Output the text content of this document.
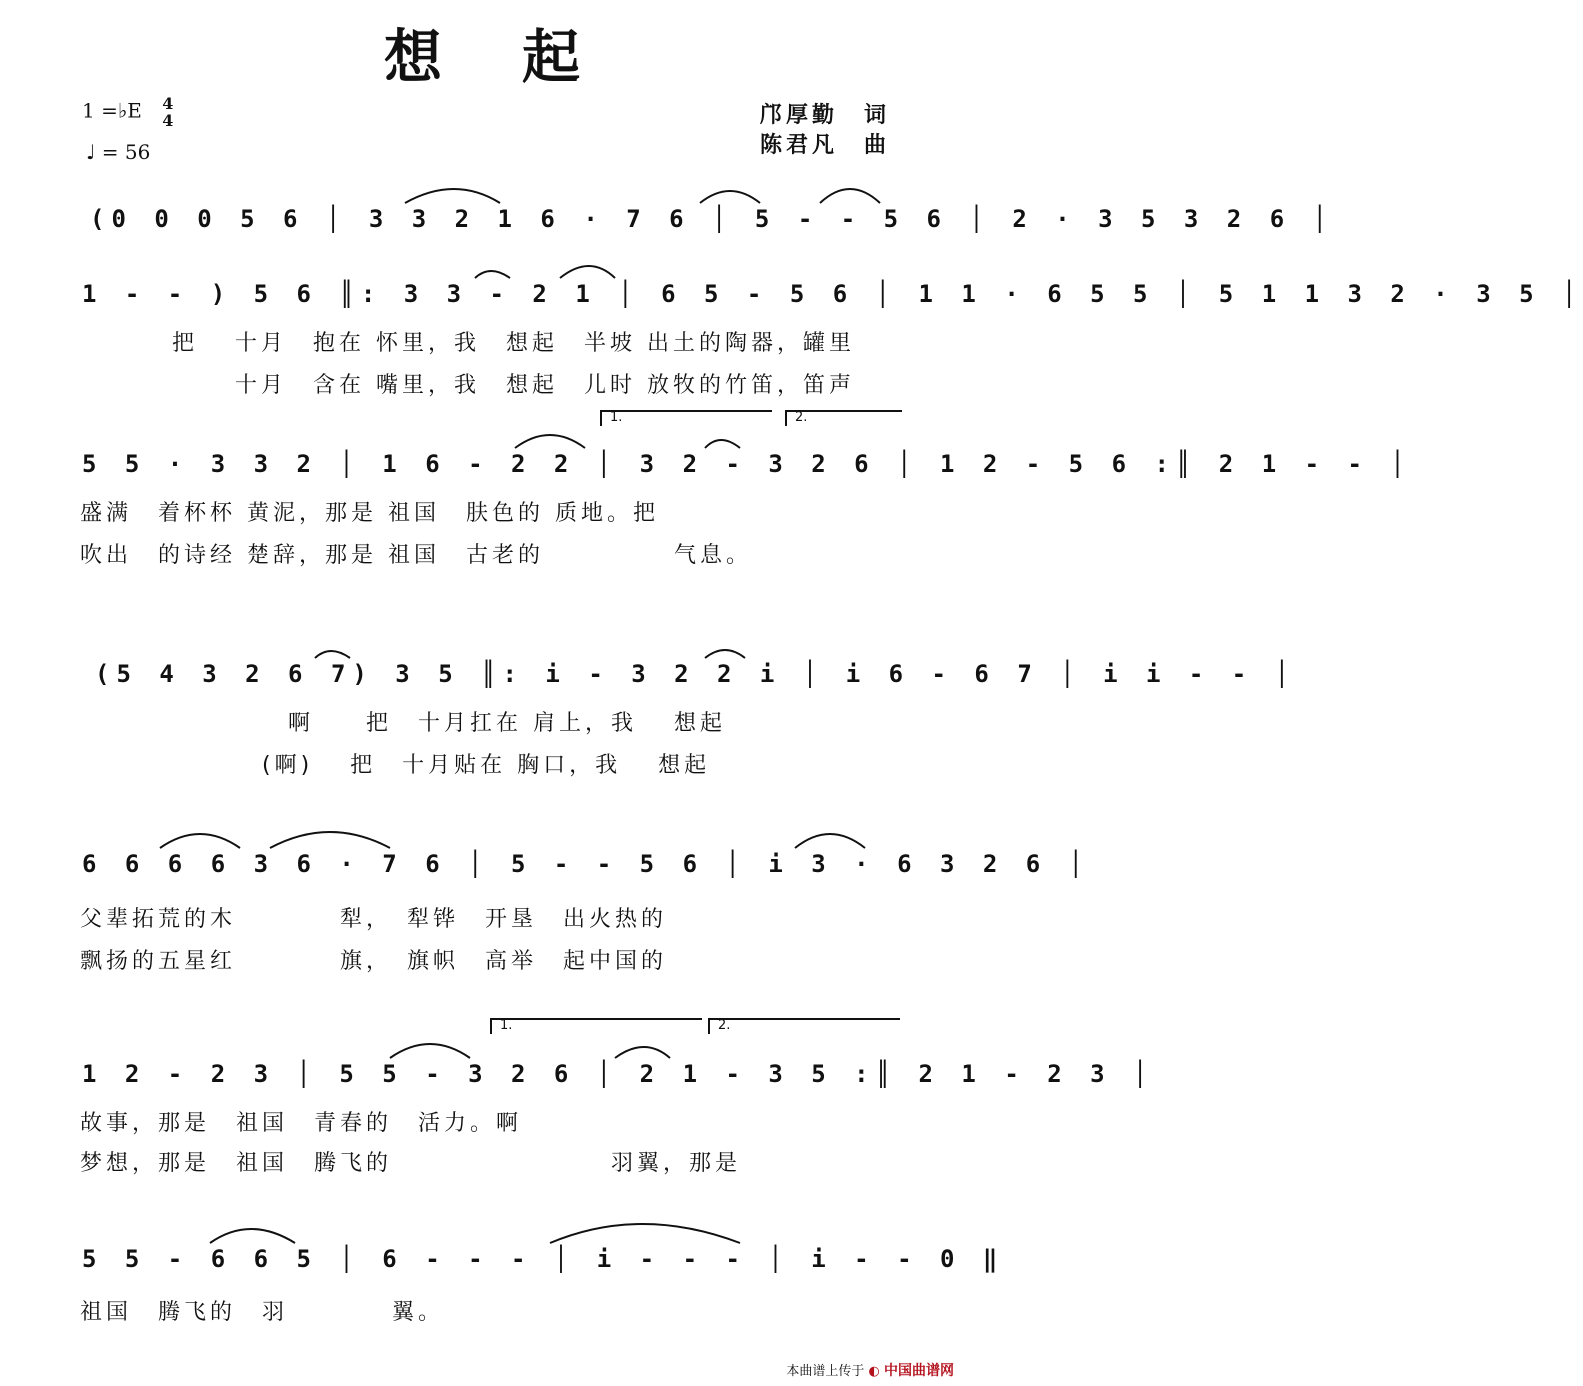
想起
1 =♭E 4
4
♩ = 56
邝厚勤　词
陈君凡　曲
(0 0 0 5 6 │ 3 3 2 1 6 · 7 6 │ 5 - - 5 6 │ 2 · 3 5 3 2 6 │
1 - - ) 5 6 ║: 3 3 - 2 1 │ 6 5 - 5 6 │ 1 1 · 6 5 5 │ 5 1 1 3 2 · 3 5 │
把　 十月　抱在 怀里，我　想起　半坡 出土的陶器，罐里
　　 十月　含在 嘴里，我　想起　儿时 放牧的竹笛，笛声
5 5 · 3 3 2 │ 1 6 - 2 2 │ 3 2 - 3 2 6 │ 1 2 - 5 6 :║ 2 1 - - │
1.	2.
盛满　着杯杯 黄泥，那是 祖国　肤色的 质地。把
吹出　的诗经 楚辞，那是 祖国　古老的　　　　　气息。
(5 4 3 2 6 7) 3 5 ║: i - 3 2 2 i │ i 6 - 6 7 │ i i - - │
　　　　　　　　啊　　把　十月扛在 肩上，我　 想起
　　　　　　　(啊)　 把　十月贴在 胸口，我　 想起
6 6 6 6 3 6 · 7 6 │ 5 - - 5 6 │ i 3 · 6 3 2 6 │
父辈拓荒的木　　　　犁，　犁铧　开垦　出火热的
飘扬的五星红　　　　旗，　旗帜　高举　起中国的
1 2 - 2 3 │ 5 5 - 3 2 6 │ 2 1 - 3 5 :║ 2 1 - 2 3 │
1.	2.
故事，那是　祖国　青春的　活力。啊
梦想，那是　祖国　腾飞的　　　　　　　　 羽翼，那是
5 5 - 6 6 5 │ 6 - - - │ i - - - │ i - - 0 ‖
祖国　腾飞的　羽　　　　翼。
本曲谱上传于 ◐ 中国曲谱网
